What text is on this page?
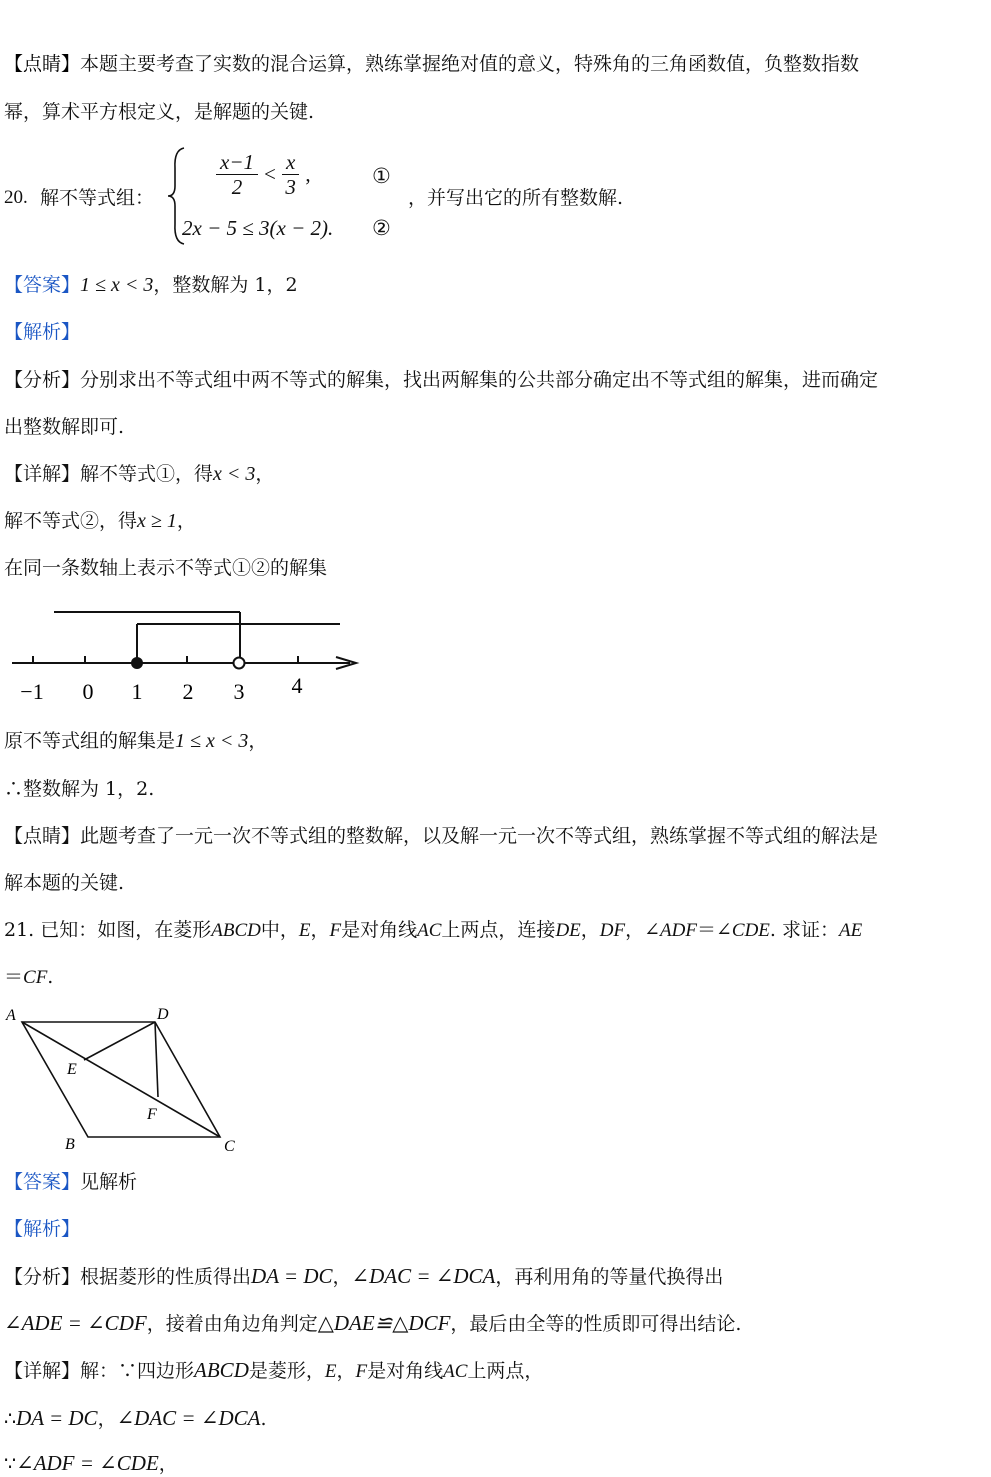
【点睛】本题主要考查了实数的混合运算，熟练掌握绝对值的意义，特殊角的三角函数值，负整数指数
幂，算术平方根定义，是解题的关键.
20. 解不等式组：	$\frac{x-1}{2} < \frac{x}{3}$ ,	①
，并写出它的所有整数解.
2x − 5 ≤ 3(x − 2). ②
【答案】1 ≤ x < 3，整数解为 1，2
【解析】
【分析】分别求出不等式组中两不等式的解集，找出两解集的公共部分确定出不等式组的解集，进而确定
出整数解即可.
【详解】解不等式①，得x < 3，
解不等式②，得x ≥ 1，
在同一条数轴上表示不等式①②的解集
−1 0 1 2 3 4
原不等式组的解集是1 ≤ x < 3，
∴整数解为 1，2.
【点睛】此题考查了一元一次不等式组的整数解，以及解一元一次不等式组，熟练掌握不等式组的解法是
解本题的关键.
21. 已知：如图，在菱形ABCD中，E，F是对角线AC上两点，连接DE，DF，∠ADF＝∠CDE. 求证：AE
＝CF.
A	D
E
F
B	C
【答案】见解析
【解析】
【分析】根据菱形的性质得出DA = DC，∠DAC = ∠DCA，再利用角的等量代换得出
∠ADE = ∠CDF，接着由角边角判定△DAE≌△DCF，最后由全等的性质即可得出结论.
【详解】解：∵四边形ABCD是菱形，E，F是对角线AC上两点，
∴DA = DC，∠DAC = ∠DCA.
∵∠ADF = ∠CDE，
